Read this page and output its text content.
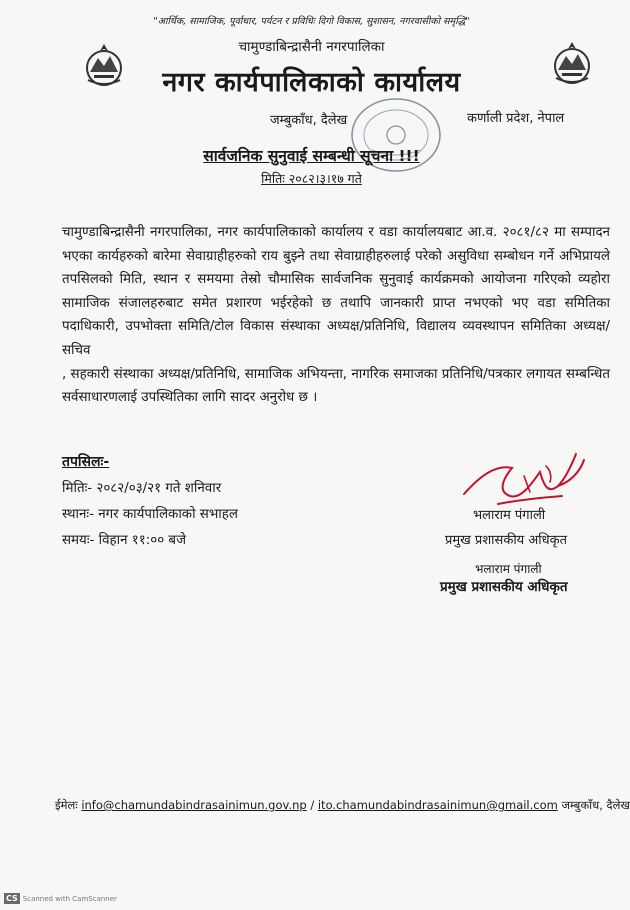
"आर्थिक, सामाजिक, पूर्वाधार, पर्यटन र प्रविधिः दिगो विकास, सुशासन, नगरवासीको समृद्धि"
चामुण्डाबिन्द्रासैनी नगरपालिका
नगर कार्यपालिकाको कार्यालय
जम्बुकाँध, दैलेख	कर्णाली प्रदेश, नेपाल
सार्वजनिक सुनुवाई सम्बन्धी सूचना !!!
मितिः २०८२।३।१७ गते

चामुण्डाबिन्द्रासैनी नगरपालिका, नगर कार्यपालिकाको कार्यालय र वडा कार्यालयबाट आ.व. २०८१/८२ मा सम्पादन भएका कार्यहरुको बारेमा सेवाग्राहीहरुको राय बुझ्ने तथा सेवाग्राहीहरुलाई परेको असुविधा सम्बोधन गर्ने अभिप्रायले तपसिलको मिति, स्थान र समयमा तेस्रो चौमासिक सार्वजनिक सुनुवाई कार्यक्रमको आयोजना गरिएको व्यहोरा सामाजिक संजालहरुबाट समेत प्रशारण भईरहेको छ तथापि जानकारी प्राप्त नभएको भए वडा समितिका पदाधिकारी, उपभोक्ता समिति/टोल विकास संस्थाका अध्यक्ष/प्रतिनिधि, विद्यालय व्यवस्थापन समितिका अध्यक्ष/सचिव

, सहकारी संस्थाका अध्यक्ष/प्रतिनिधि, सामाजिक अभियन्ता, नागरिक समाजका प्रतिनिधि/पत्रकार लगायत सम्बन्धित सर्वसाधारणलाई उपस्थितिका लागि सादर अनुरोध छ ।

तपसिलः-
मितिः- २०८२/०३/२१ गते शनिवार
स्थानः- नगर कार्यपालिकाको सभाहल
समयः- विहान ११:०० बजे
भलाराम पंगाली
प्रमुख प्रशासकीय अधिकृत
भलाराम पंगाली
प्रमुख प्रशासकीय अधिकृत
ईमेलः info@chamundabindrasainimun.gov.np / ito.chamundabindrasainimun@gmail.com जम्बुकाँध, दैलेख
CS Scanned with CamScanner
